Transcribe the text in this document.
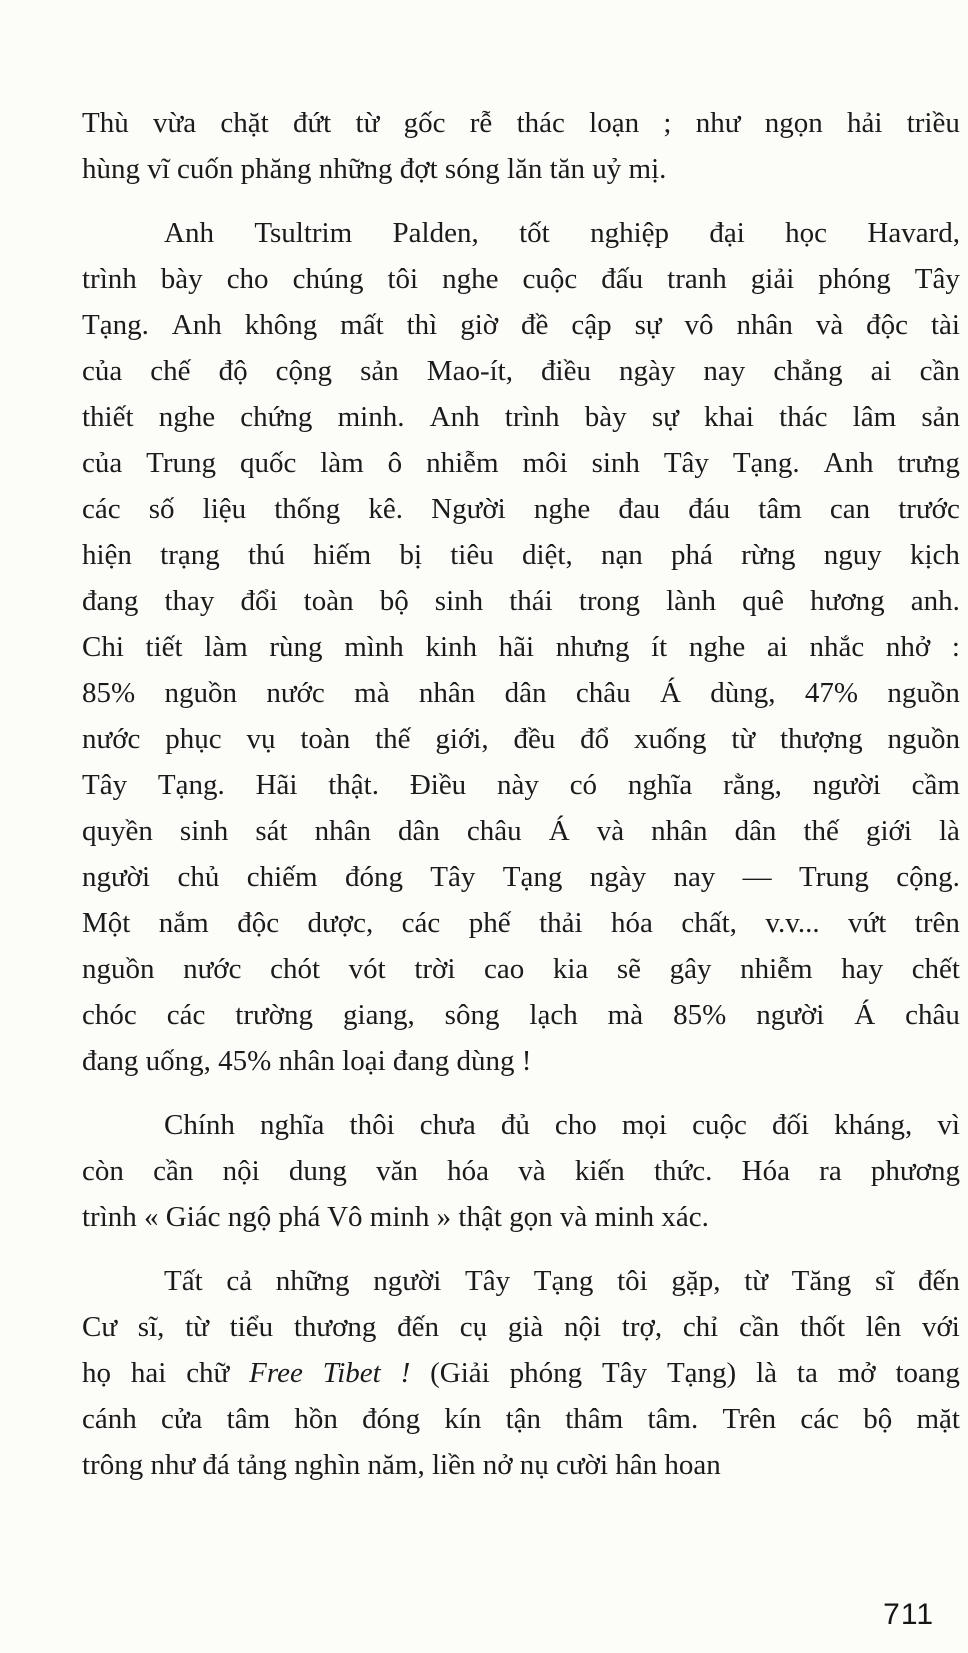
Thù vừa chặt đứt từ gốc rễ thác loạn ; như ngọn hải triều
hùng vĩ cuốn phăng những đợt sóng lăn tăn uỷ mị.
Anh Tsultrim Palden, tốt nghiệp đại học Havard,
trình bày cho chúng tôi nghe cuộc đấu tranh giải phóng Tây
Tạng. Anh không mất thì giờ đề cập sự vô nhân và độc tài
của chế độ cộng sản Mao-ít, điều ngày nay chẳng ai cần
thiết nghe chứng minh. Anh trình bày sự khai thác lâm sản
của Trung quốc làm ô nhiễm môi sinh Tây Tạng. Anh trưng
các số liệu thống kê. Người nghe đau đáu tâm can trước
hiện trạng thú hiếm bị tiêu diệt, nạn phá rừng nguy kịch
đang thay đổi toàn bộ sinh thái trong lành quê hương anh.
Chi tiết làm rùng mình kinh hãi nhưng ít nghe ai nhắc nhở :
85% nguồn nước mà nhân dân châu Á dùng, 47% nguồn
nước phục vụ toàn thế giới, đều đổ xuống từ thượng nguồn
Tây Tạng. Hãi thật. Điều này có nghĩa rằng, người cầm
quyền sinh sát nhân dân châu Á và nhân dân thế giới là
người chủ chiếm đóng Tây Tạng ngày nay — Trung cộng.
Một nắm độc dược, các phế thải hóa chất, v.v... vứt trên
nguồn nước chót vót trời cao kia sẽ gây nhiễm hay chết
chóc các trường giang, sông lạch mà 85% người Á châu
đang uống, 45% nhân loại đang dùng !
Chính nghĩa thôi chưa đủ cho mọi cuộc đối kháng, vì
còn cần nội dung văn hóa và kiến thức. Hóa ra phương
trình « Giác ngộ phá Vô minh » thật gọn và minh xác.
Tất cả những người Tây Tạng tôi gặp, từ Tăng sĩ đến
Cư sĩ, từ tiểu thương đến cụ già nội trợ, chỉ cần thốt lên với
họ hai chữ Free Tibet ! (Giải phóng Tây Tạng) là ta mở toang
cánh cửa tâm hồn đóng kín tận thâm tâm. Trên các bộ mặt
trông như đá tảng nghìn năm, liền nở nụ cười hân hoan
711
